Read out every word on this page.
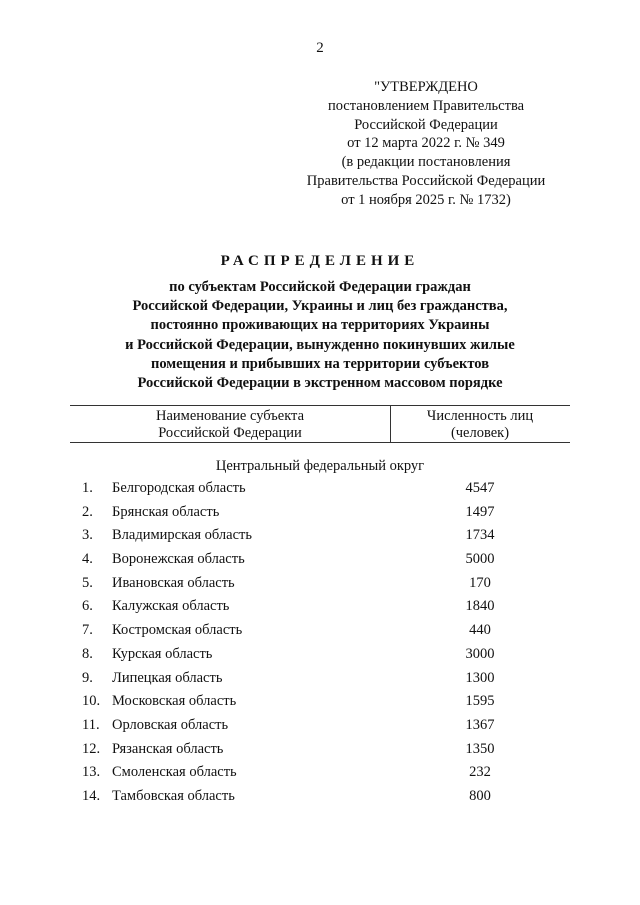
2
"УТВЕРЖДЕНО
постановлением Правительства
Российской Федерации
от 12 марта 2022 г. № 349
(в редакции постановления
Правительства Российской Федерации
от 1 ноября 2025 г. № 1732)
РАСПРЕДЕЛЕНИЕ
по субъектам Российской Федерации граждан
Российской Федерации, Украины и лиц без гражданства,
постоянно проживающих на территориях Украины
и Российской Федерации, вынужденно покинувших жилые
помещения и прибывших на территории субъектов
Российской Федерации в экстренном массовом порядке
Наименование субъекта
Российской Федерации
Численность лиц
(человек)
Центральный федеральный округ
1.	Белгородская область	4547
2.	Брянская область	1497
3.	Владимирская область	1734
4.	Воронежская область	5000
5.	Ивановская область	170
6.	Калужская область	1840
7.	Костромская область	440
8.	Курская область	3000
9.	Липецкая область	1300
10. Московская область	1595
11. Орловская область	1367
12. Рязанская область	1350
13. Смоленская область	232
14. Тамбовская область	800
